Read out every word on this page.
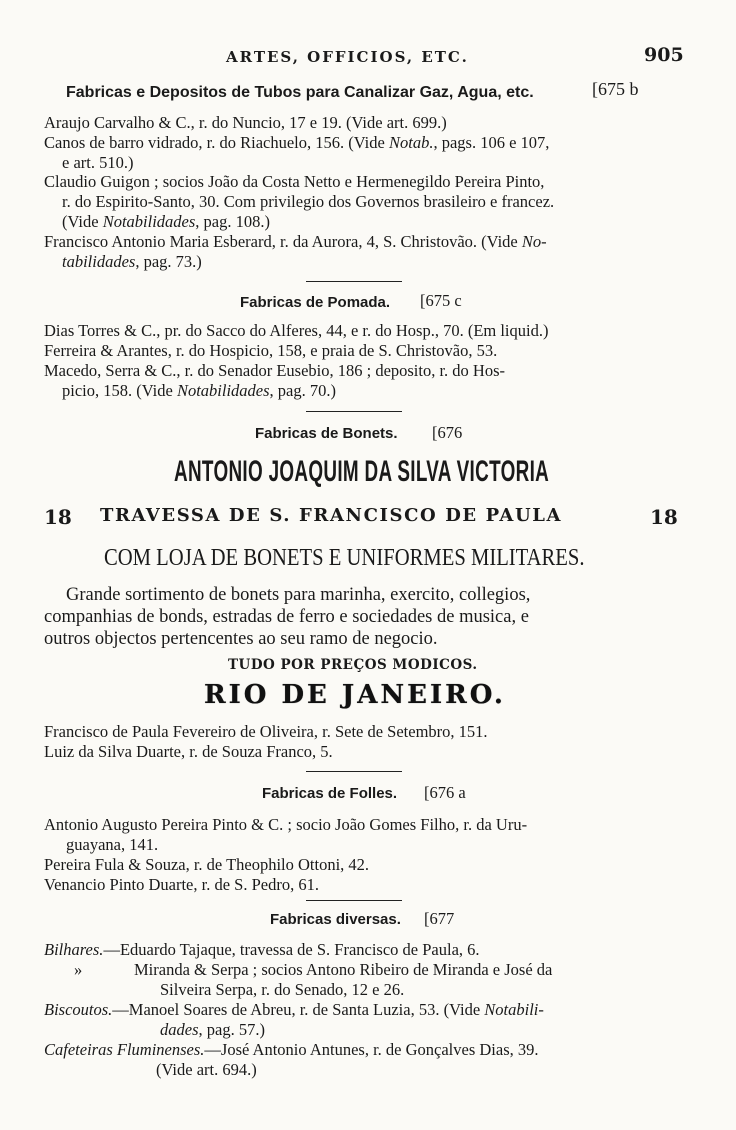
ARTES, OFFICIOS, ETC.	905
Fabricas e Depositos de Tubos para Canalizar Gaz, Agua, etc.	[675 b
Araujo Carvalho & C., r. do Nuncio, 17 e 19. (Vide art. 699.)
Canos de barro vidrado, r. do Riachuelo, 156. (Vide Notab., pags. 106 e 107,
e art. 510.)
Claudio Guigon ; socios João da Costa Netto e Hermenegildo Pereira Pinto,
r. do Espirito-Santo, 30. Com privilegio dos Governos brasileiro e francez.
(Vide Notabilidades, pag. 108.)
Francisco Antonio Maria Esberard, r. da Aurora, 4, S. Christovão. (Vide No-
tabilidades, pag. 73.)
Fabricas de Pomada. [675 c
Dias Torres & C., pr. do Sacco do Alferes, 44, e r. do Hosp., 70. (Em liquid.)
Ferreira & Arantes, r. do Hospicio, 158, e praia de S. Christovão, 53.
Macedo, Serra & C., r. do Senador Eusebio, 186 ; deposito, r. do Hos-
picio, 158. (Vide Notabilidades, pag. 70.)
Fabricas de Bonets. [676
ANTONIO JOAQUIM DA SILVA VICTORIA
18 TRAVESSA DE S. FRANCISCO DE PAULA	18
COM LOJA DE BONETS E UNIFORMES MILITARES.
Grande sortimento de bonets para marinha, exercito, collegios,
companhias de bonds, estradas de ferro e sociedades de musica, e
outros objectos pertencentes ao seu ramo de negocio.
TUDO POR PREÇOS MODICOS.
RIO DE JANEIRO.
Francisco de Paula Fevereiro de Oliveira, r. Sete de Setembro, 151.
Luiz da Silva Duarte, r. de Souza Franco, 5.
Fabricas de Folles. [676 a
Antonio Augusto Pereira Pinto & C. ; socio João Gomes Filho, r. da Uru-
guayana, 141.
Pereira Fula & Souza, r. de Theophilo Ottoni, 42.
Venancio Pinto Duarte, r. de S. Pedro, 61.
Fabricas diversas. [677
Bilhares.—Eduardo Tajaque, travessa de S. Francisco de Paula, 6.
»	Miranda & Serpa ; socios Antono Ribeiro de Miranda e José da
Silveira Serpa, r. do Senado, 12 e 26.
Biscoutos.—Manoel Soares de Abreu, r. de Santa Luzia, 53. (Vide Notabili-
dades, pag. 57.)
Cafeteiras Fluminenses.—José Antonio Antunes, r. de Gonçalves Dias, 39.
(Vide art. 694.)
